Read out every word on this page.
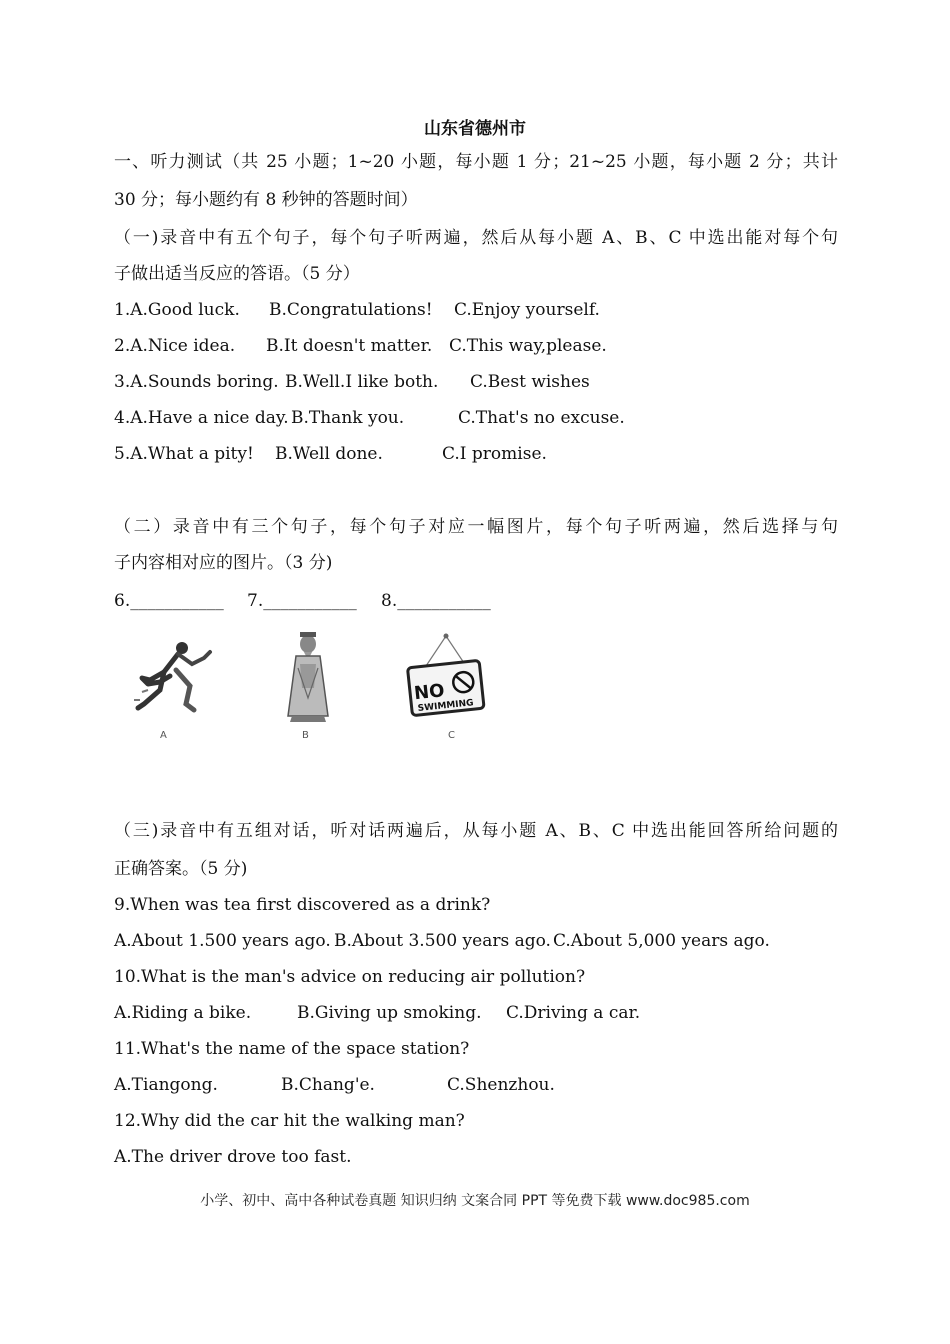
山东省德州市
一、听力测试（共 25 小题；1~20 小题，每小题 1 分；21~25 小题，每小题 2 分；共计
30 分；每小题约有 8 秒钟的答题时间）
（一)录音中有五个句子，每个句子听两遍，然后从每小题 A、B、C 中选出能对每个句
子做出适当反应的答语。（5 分）
1.A.Good luck. B.Congratulations! C.Enjoy yourself.
2.A.Nice idea. B.It doesn't matter. C.This way,please.
3.A.Sounds boring. B.Well.I like both. C.Best wishes
4.A.Have a nice day. B.Thank you.	C.That's no excuse.
5.A.What a pity! B.Well done.	C.I promise.
（二）录音中有三个句子，每个句子对应一幅图片，每个句子听两遍，然后选择与句
子内容相对应的图片。（3 分)
6.___________ 7.___________ 8.___________
A	B
NO
SWIMMING
C
（三)录音中有五组对话，听对话两遍后，从每小题 A、B、C 中选出能回答所给问题的
正确答案。（5 分)
9.When was tea first discovered as a drink?
A.About 1.500 years ago. B.About 3.500 years ago. C.About 5,000 years ago.
10.What is the man's advice on reducing air pollution?
A.Riding a bike.	B.Giving up smoking. C.Driving a car.
11.What's the name of the space station?
A.Tiangong.	B.Chang'e.	C.Shenzhou.
12.Why did the car hit the walking man?
A.The driver drove too fast.
小学、初中、高中各种试卷真题 知识归纳 文案合同 PPT 等免费下载 www.doc985.com
